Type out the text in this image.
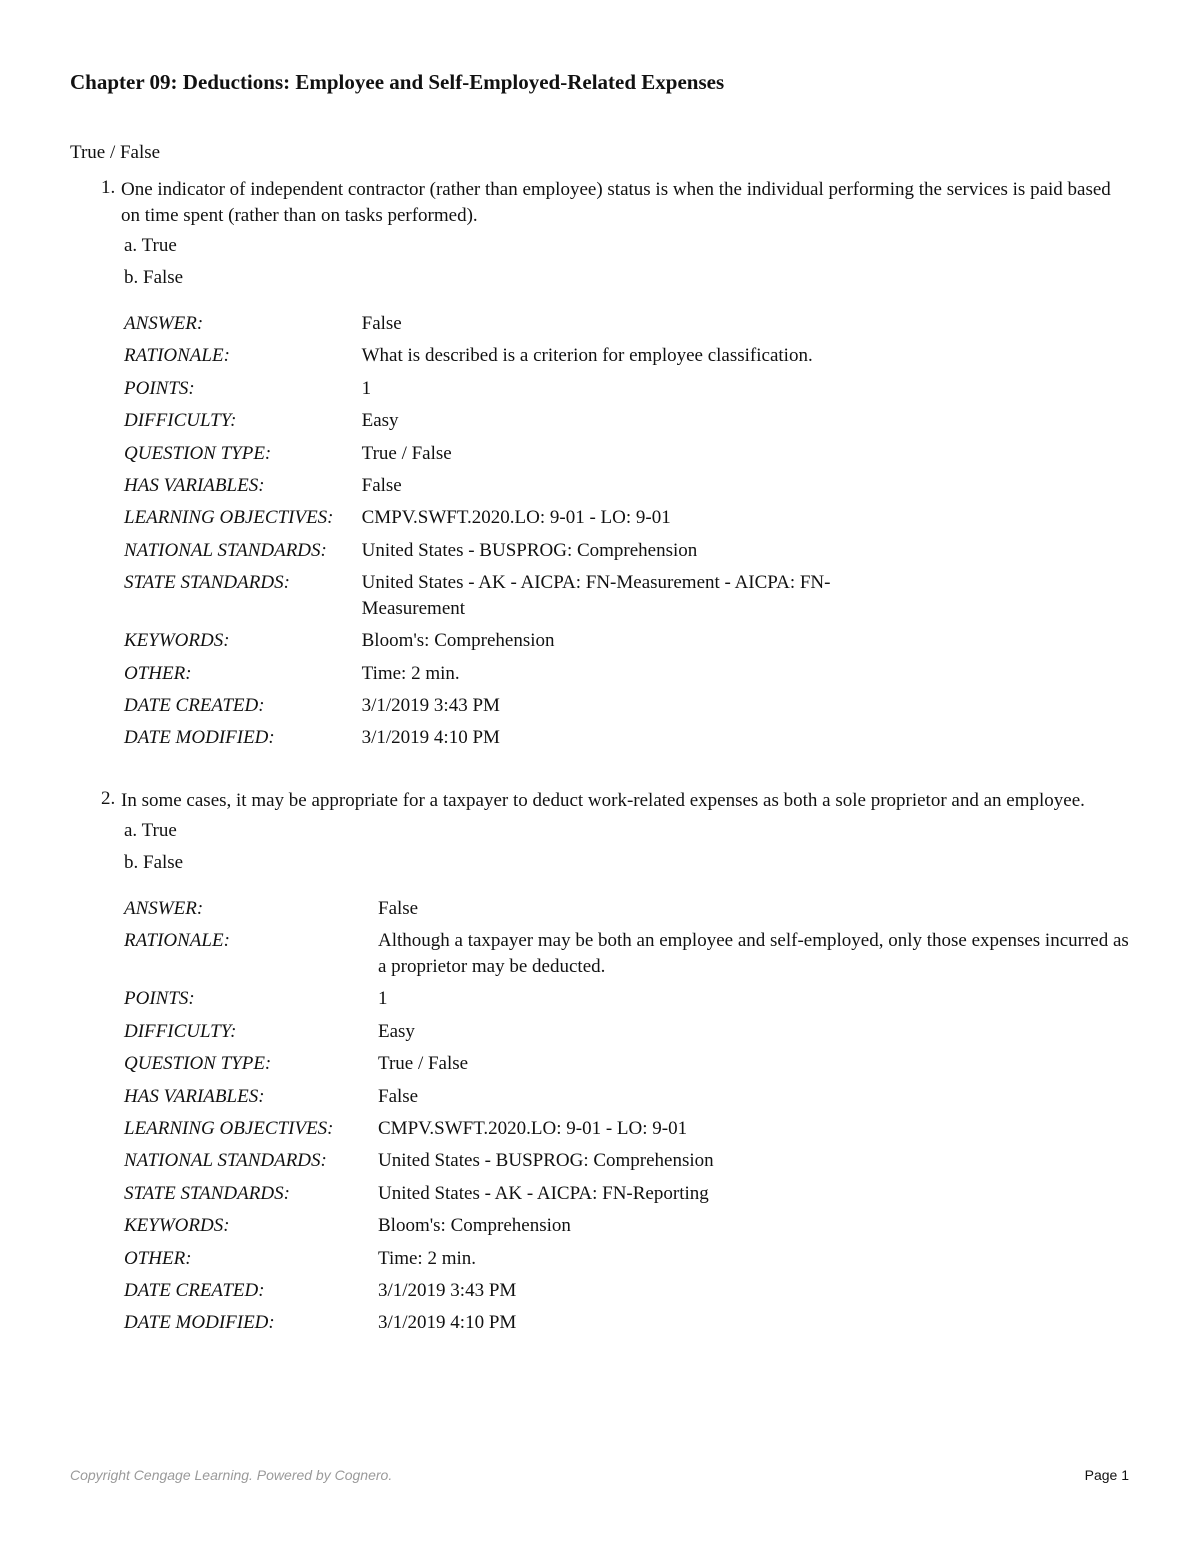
Chapter 09: Deductions: Employee and Self-Employed-Related Expenses
True / False
1. One indicator of independent contractor (rather than employee) status is when the individual performing the services is paid based on time spent (rather than on tasks performed).
a. True
b. False
ANSWER:	False
RATIONALE:	What is described is a criterion for employee classification.
POINTS:	1
DIFFICULTY:	Easy
QUESTION TYPE:	True / False
HAS VARIABLES:	False
LEARNING OBJECTIVES:	CMPV.SWFT.2020.LO: 9-01 - LO: 9-01
NATIONAL STANDARDS:	United States - BUSPROG: Comprehension
STATE STANDARDS:	United States - AK - AICPA: FN-Measurement - AICPA: FN-Measurement
KEYWORDS:	Bloom's: Comprehension
OTHER:	Time: 2 min.
DATE CREATED:	3/1/2019 3:43 PM
DATE MODIFIED:	3/1/2019 4:10 PM
2. In some cases, it may be appropriate for a taxpayer to deduct work-related expenses as both a sole proprietor and an employee.
a. True
b. False
ANSWER:	False
RATIONALE:	Although a taxpayer may be both an employee and self-employed, only those expenses incurred as a proprietor may be deducted.
POINTS:	1
DIFFICULTY:	Easy
QUESTION TYPE:	True / False
HAS VARIABLES:	False
LEARNING OBJECTIVES:	CMPV.SWFT.2020.LO: 9-01 - LO: 9-01
NATIONAL STANDARDS:	United States - BUSPROG: Comprehension
STATE STANDARDS:	United States - AK - AICPA: FN-Reporting
KEYWORDS:	Bloom's: Comprehension
OTHER:	Time: 2 min.
DATE CREATED:	3/1/2019 3:43 PM
DATE MODIFIED:	3/1/2019 4:10 PM
Copyright Cengage Learning. Powered by Cognero.	Page 1
